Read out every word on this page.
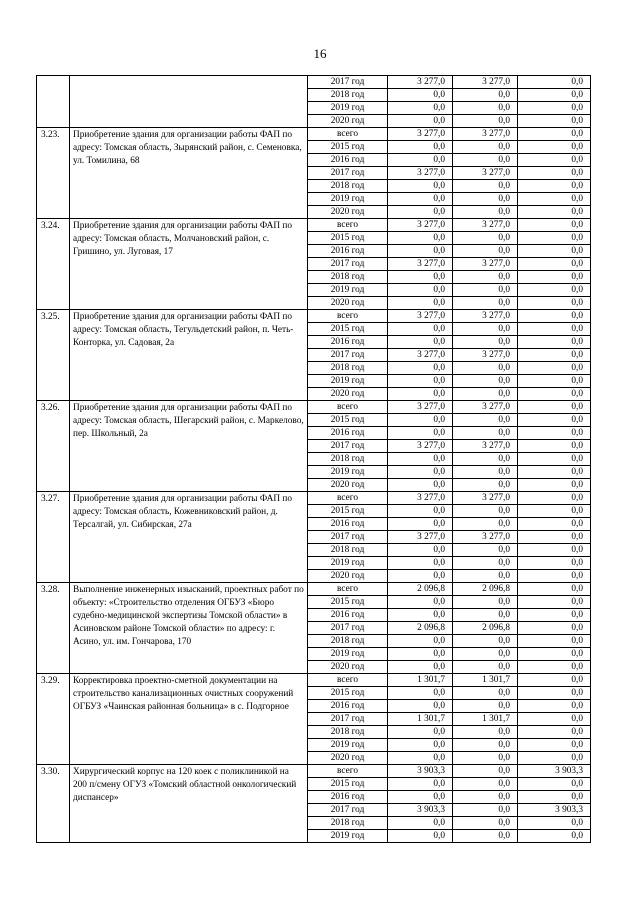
16
		2017 год	3 277,0	3 277,0	0,0
		2018 год	0,0	0,0	0,0
		2019 год	0,0	0,0	0,0
		2020 год	0,0	0,0	0,0
3.23.	Приобретение здания для организации работы ФАП по адресу: Томская область, Зырянский район, с. Семеновка, ул. Томилина, 68	всего	3 277,0	3 277,0	0,0
		2015 год	0,0	0,0	0,0
		2016 год	0,0	0,0	0,0
		2017 год	3 277,0	3 277,0	0,0
		2018 год	0,0	0,0	0,0
		2019 год	0,0	0,0	0,0
		2020 год	0,0	0,0	0,0
3.24.	Приобретение здания для организации работы ФАП по адресу: Томская область, Молчановский район, с. Гришино, ул. Луговая, 17	всего	3 277,0	3 277,0	0,0
		2015 год	0,0	0,0	0,0
		2016 год	0,0	0,0	0,0
		2017 год	3 277,0	3 277,0	0,0
		2018 год	0,0	0,0	0,0
		2019 год	0,0	0,0	0,0
		2020 год	0,0	0,0	0,0
3.25.	Приобретение здания для организации работы ФАП по адресу: Томская область, Тегульдетский район, п. Четь-Конторка, ул. Садовая, 2а	всего	3 277,0	3 277,0	0,0
		2015 год	0,0	0,0	0,0
		2016 год	0,0	0,0	0,0
		2017 год	3 277,0	3 277,0	0,0
		2018 год	0,0	0,0	0,0
		2019 год	0,0	0,0	0,0
		2020 год	0,0	0,0	0,0
3.26.	Приобретение здания для организации работы ФАП по адресу: Томская область, Шегарский район, с. Маркелово, пер. Школьный, 2а	всего	3 277,0	3 277,0	0,0
		2015 год	0,0	0,0	0,0
		2016 год	0,0	0,0	0,0
		2017 год	3 277,0	3 277,0	0,0
		2018 год	0,0	0,0	0,0
		2019 год	0,0	0,0	0,0
		2020 год	0,0	0,0	0,0
3.27.	Приобретение здания для организации работы ФАП по адресу: Томская область, Кожевниковский район, д. Терсалгай, ул. Сибирская, 27а	всего	3 277,0	3 277,0	0,0
		2015 год	0,0	0,0	0,0
		2016 год	0,0	0,0	0,0
		2017 год	3 277,0	3 277,0	0,0
		2018 год	0,0	0,0	0,0
		2019 год	0,0	0,0	0,0
		2020 год	0,0	0,0	0,0
3.28.	Выполнение инженерных изысканий, проектных работ по объекту: «Строительство отделения ОГБУЗ «Бюро судебно-медицинской экспертизы Томской области» в Асиновском районе Томской области» по адресу: г. Асино, ул. им. Гончарова, 170	всего	2 096,8	2 096,8	0,0
		2015 год	0,0	0,0	0,0
		2016 год	0,0	0,0	0,0
		2017 год	2 096,8	2 096,8	0,0
		2018 год	0,0	0,0	0,0
		2019 год	0,0	0,0	0,0
		2020 год	0,0	0,0	0,0
3.29.	Корректировка проектно-сметной документации на строительство канализационных очистных сооружений ОГБУЗ «Чаинская районная больница» в с. Подгорное	всего	1 301,7	1 301,7	0,0
		2015 год	0,0	0,0	0,0
		2016 год	0,0	0,0	0,0
		2017 год	1 301,7	1 301,7	0,0
		2018 год	0,0	0,0	0,0
		2019 год	0,0	0,0	0,0
		2020 год	0,0	0,0	0,0
3.30.	Хирургический корпус на 120 коек с поликлиникой на 200 п/смену ОГУЗ «Томский областной онкологический диспансер»	всего	3 903,3	0,0	3 903,3
		2015 год	0,0	0,0	0,0
		2016 год	0,0	0,0	0,0
		2017 год	3 903,3	0,0	3 903,3
		2018 год	0,0	0,0	0,0
		2019 год	0,0	0,0	0,0
